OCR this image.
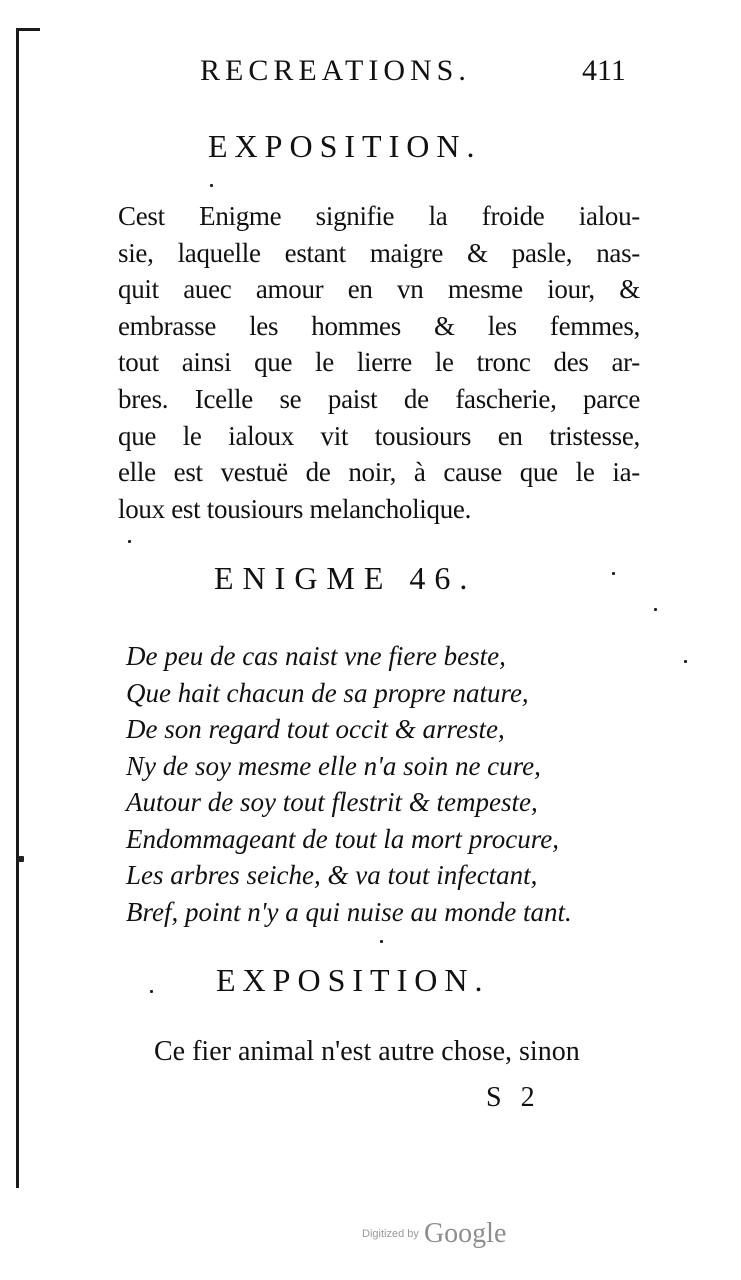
RECREATIONS.	411
EXPOSITION.
Cest Enigme signifie la froide ialou-
sie, laquelle estant maigre & pasle, nas-
quit auec amour en vn mesme iour, &
embrasse les hommes & les femmes,
tout ainsi que le lierre le tronc des ar-
bres. Icelle se paist de fascherie, parce
que le ialoux vit tousiours en tristesse,
elle est vestuë de noir, à cause que le ia-
loux est tousiours melancholique.
ENIGME 46.
De peu de cas naist vne fiere beste,
Que hait chacun de sa propre nature,
De son regard tout occit & arreste,
Ny de soy mesme elle n'a soin ne cure,
Autour de soy tout flestrit & tempeste,
Endommageant de tout la mort procure,
Les arbres seiche, & va tout infectant,
Bref, point n'y a qui nuise au monde tant.
EXPOSITION.
Ce fier animal n'est autre chose, sinon
S 2
Digitized by Google
